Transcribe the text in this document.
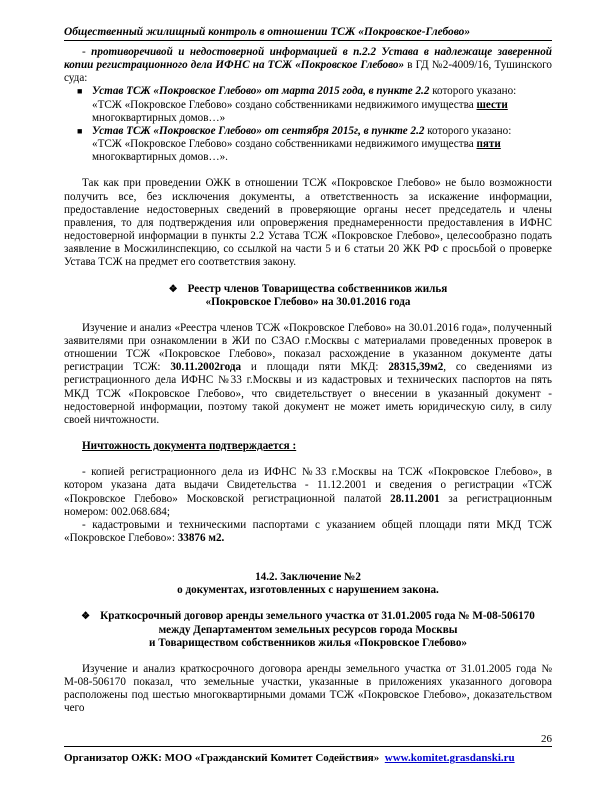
Общественный жилищный контроль в отношении ТСЖ «Покровское-Глебово»

- противоречивой и недостоверной информацией в п.2.2 Устава в надлежаще заверенной копии регистрационного дела ИФНС на ТСЖ «Покровское Глебово» в ГД №2-4009/16, Тушинского суда:

■ Устав ТСЖ «Покровское Глебово» от марта 2015 года, в пункте 2.2 которого указано:
«ТСЖ «Покровское Глебово» создано собственниками недвижимого имущества шести многоквартирных домов…»
■ Устав ТСЖ «Покровское Глебово» от сентября 2015г, в пункте 2.2 которого указано:
«ТСЖ «Покровское Глебово» создано собственниками недвижимого имущества пяти многоквартирных домов…».

Так как при проведении ОЖК в отношении ТСЖ «Покровское Глебово» не было возможности получить все, без исключения документы, а ответственность за искажение информации, предоставление недостоверных сведений в проверяющие органы несет председатель и члены правления, то для подтверждения или опровержения преднамеренности предоставления в ИФНС недостоверной информации в пункты 2.2 Устава ТСЖ «Покровское Глебово», целесообразно подать заявление в Мосжилинспекцию, со ссылкой на части 5 и 6 статьи 20 ЖК РФ с просьбой о проверке Устава ТСЖ на предмет его соответствия закону.

❖ Реестр членов Товарищества собственников жилья
«Покровское Глебово» на 30.01.2016 года

Изучение и анализ «Реестра членов ТСЖ «Покровское Глебово» на 30.01.2016 года», полученный заявителями при ознакомлении в ЖИ по СЗАО г.Москвы с материалами проведенных проверок в отношении ТСЖ «Покровское Глебово», показал расхождение в указанном документе даты регистрации ТСЖ: 30.11.2002года и площади пяти МКД: 28315,39м2, со сведениями из регистрационного дела ИФНС №33 г.Москвы и из кадастровых и технических паспортов на пять МКД ТСЖ «Покровское Глебово», что свидетельствует о внесении в указанный документ - недостоверной информации, поэтому такой документ не может иметь юридическую силу, в силу своей ничтожности.

Ничтожность документа подтверждается :

- копией регистрационного дела из ИФНС №33 г.Москвы на ТСЖ «Покровское Глебово», в котором указана дата выдачи Свидетельства - 11.12.2001 и сведения о регистрации «ТСЖ «Покровское Глебово» Московской регистрационной палатой 28.11.2001 за регистрационным номером: 002.068.684;

- кадастровыми и техническими паспортами с указанием общей площади пяти МКД ТСЖ «Покровское Глебово»: 33876 м2.

14.2. Заключение №2
о документах, изготовленных с нарушением закона.
❖ Краткосрочный договор аренды земельного участка от 31.01.2005 года № М-08-506170
между Департаментом земельных ресурсов города Москвы
и Товариществом собственников жилья «Покровское Глебово»

Изучение и анализ краткосрочного договора аренды земельного участка от 31.01.2005 года № М-08-506170 показал, что земельные участки, указанные в приложениях указанного договора расположены под шестью многоквартирными домами ТСЖ «Покровское Глебово», доказательством чего

26
Организатор ОЖК: МОО «Гражданский Комитет Содействия» www.komitet.grasdanski.ru
